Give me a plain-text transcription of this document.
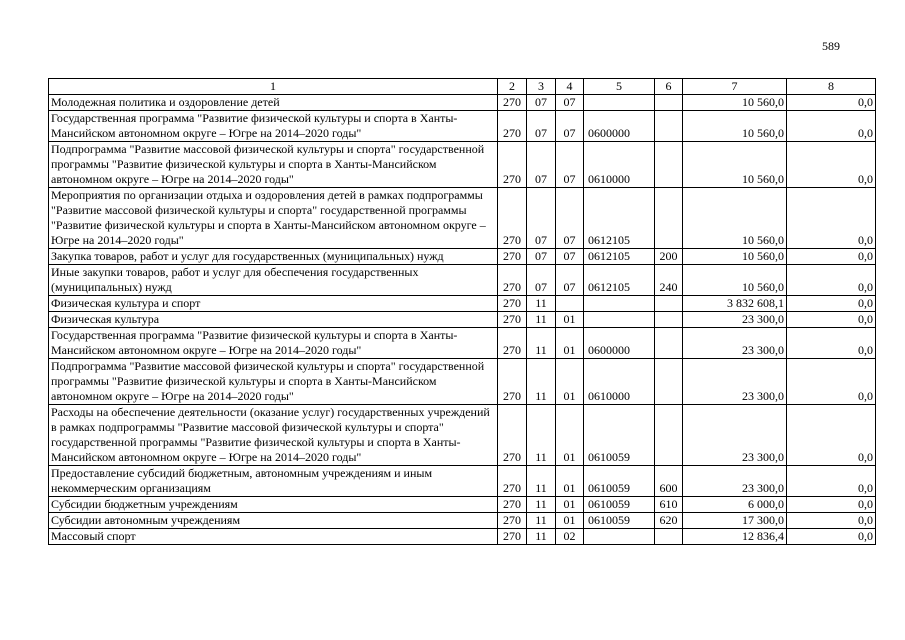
589
1	2	3	4	5	6	7	8
Молодежная политика и оздоровление детей	270	07	07			10 560,0	0,0
Государственная программа "Развитие физической культуры и спорта в Ханты-Мансийском автономном округе – Югре на 2014–2020 годы"	270	07	07	0600000		10 560,0	0,0
Подпрограмма "Развитие массовой физической культуры и спорта" государственной программы "Развитие физической культуры и спорта в Ханты-Мансийском автономном округе – Югре на 2014–2020 годы"	270	07	07	0610000		10 560,0	0,0
Мероприятия по организации отдыха и оздоровления детей в рамках подпрограммы "Развитие массовой физической культуры и спорта" государственной программы "Развитие физической культуры и спорта в Ханты-Мансийском автономном округе – Югре на 2014–2020 годы"	270	07	07	0612105		10 560,0	0,0
Закупка товаров, работ и услуг для государственных (муниципальных) нужд	270	07	07	0612105	200	10 560,0	0,0
Иные закупки товаров, работ и услуг для обеспечения государственных (муниципальных) нужд	270	07	07	0612105	240	10 560,0	0,0
Физическая культура и спорт	270	11				3 832 608,1	0,0
Физическая культура	270	11	01			23 300,0	0,0
Государственная программа "Развитие физической культуры и спорта в Ханты-Мансийском автономном округе – Югре на 2014–2020 годы"	270	11	01	0600000		23 300,0	0,0
Подпрограмма "Развитие массовой физической культуры и спорта" государственной программы "Развитие физической культуры и спорта в Ханты-Мансийском автономном округе – Югре на 2014–2020 годы"	270	11	01	0610000		23 300,0	0,0
Расходы на обеспечение деятельности (оказание услуг) государственных учреждений в рамках подпрограммы "Развитие массовой физической культуры и спорта" государственной программы "Развитие физической культуры и спорта в Ханты-Мансийском автономном округе – Югре на 2014–2020 годы"	270	11	01	0610059		23 300,0	0,0
Предоставление субсидий бюджетным, автономным учреждениям и иным некоммерческим организациям	270	11	01	0610059	600	23 300,0	0,0
Субсидии бюджетным учреждениям	270	11	01	0610059	610	6 000,0	0,0
Субсидии автономным учреждениям	270	11	01	0610059	620	17 300,0	0,0
Массовый спорт	270	11	02			12 836,4	0,0
